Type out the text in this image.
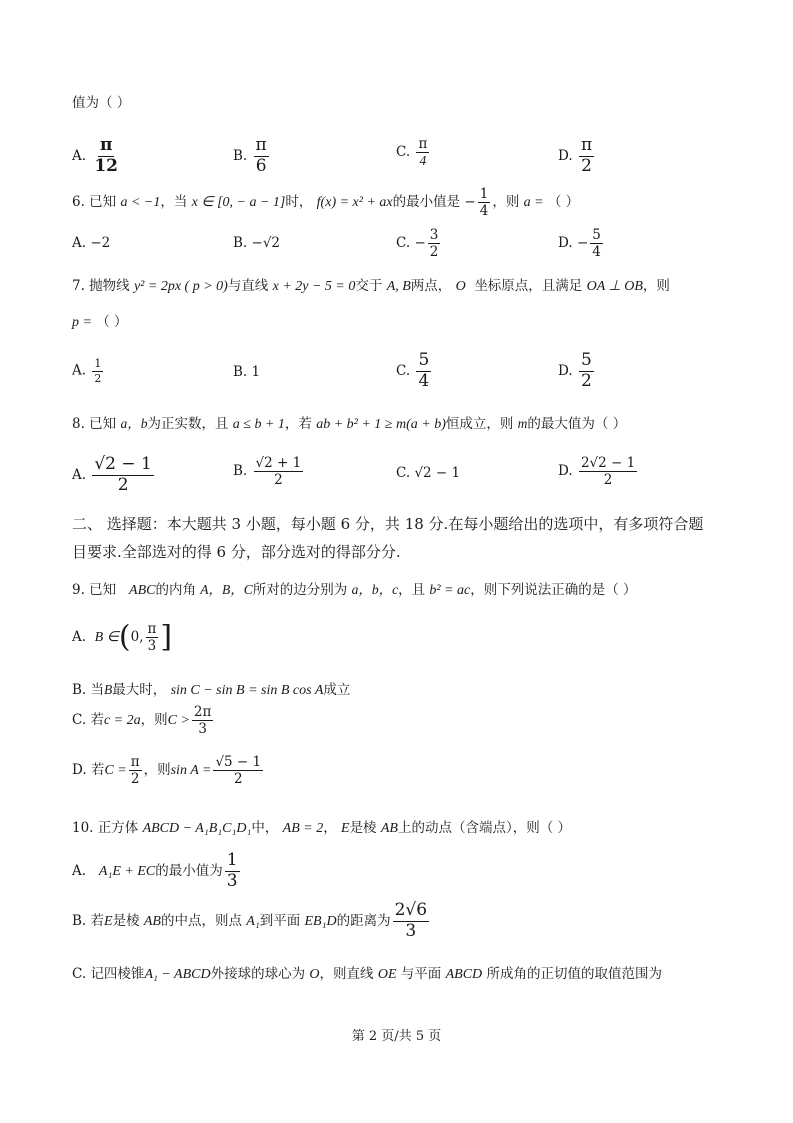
值为（ ）
A. $\frac{\pi}{12}$	B. $\frac{\pi}{6}$	C. $\frac{\pi}{4}$	D. $\frac{\pi}{2}$
6. 已知 a < −1，当 x ∈ [0, − a − 1]时， f(x) = x² + ax的最小值是 − $\frac{1}{4}$ ，则 a = （ ）
A. −2	B. −√2	C. − $\frac{3}{2}$	D. − $\frac{5}{4}$
7. 抛物线 y² = 2px ( p > 0)与直线 x + 2y − 5 = 0交于 A, B两点， O 坐标原点，且满足 OA ⊥ OB，则
p = （ ）
A. $\frac{1}{2}$	B. 1	C. $\frac{5}{4}$	D. $\frac{5}{2}$
8. 已知 a，b为正实数，且 a ≤ b + 1，若 ab + b² + 1 ≥ m(a + b)恒成立，则 m的最大值为（ ）
A. $\frac{√2 - 1}{2}$	B. $\frac{√2 + 1}{2}$	C. √2 − 1	D. $\frac{2√2 - 1}{2}$
二、 选择题：本大题共 3 小题，每小题 6 分，共 18 分.在每小题给出的选项中，有多项符合题
目要求.全部选对的得 6 分，部分选对的得部分分.
9. 已知 ABC的内角 A，B，C所对的边分别为 a，b，c，且 b² = ac，则下列说法正确的是（ ）
A. B ∈(0, $\frac{\pi}{3}$ ]
B. 当B最大时， sin C − sin B = sin B cos A成立
C. 若c = 2a，则$C > \frac{2\pi}{3}$
D. 若$C = \frac{\pi}{2}$ ，则$\sin A = \frac{√5 - 1}{2}$
10. 正方体 ABCD − A₁B₁C₁D₁中， AB = 2， E是棱 AB上的动点（含端点），则（ ）
A. A₁E + EC的最小值为 $\frac{1}{3}$
B. 若E是棱 AB的中点，则点 A₁到平面 EB₁D的距离为 $\frac{2√6}{3}$
C. 记四棱锥A₁ − ABCD外接球的球心为 O，则直线 OE 与平面 ABCD 所成角的正切值的取值范围为
第 2 页/共 5 页
